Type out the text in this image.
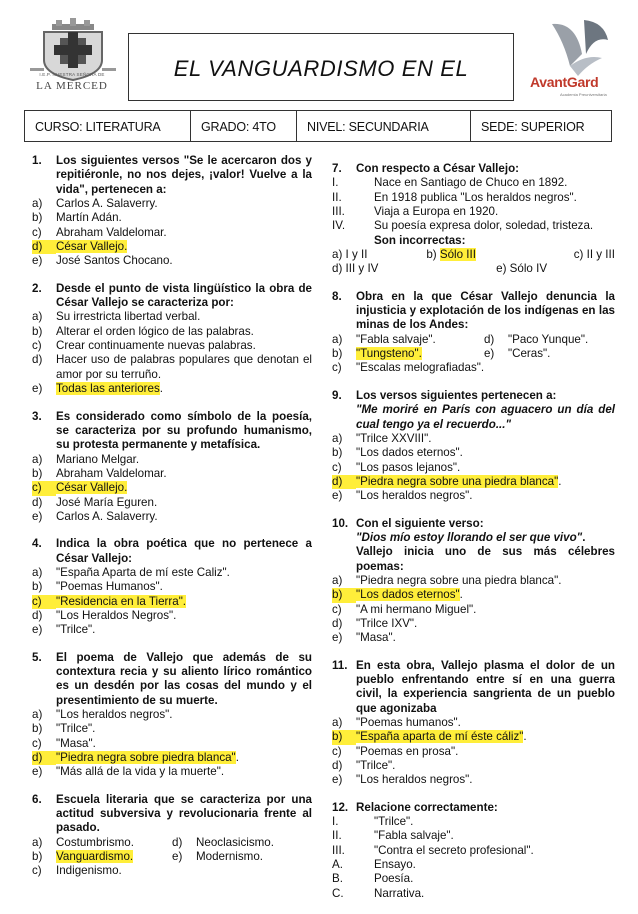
I.E.P. NUESTRA SEÑORA DE
LA MERCED
EL VANGUARDISMO EN EL
AvantGard
Academia Preuniversitaria
CURSO: LITERATURA	GRADO: 4TO	NIVEL: SECUNDARIA	SEDE: SUPERIOR
1.	Los siguientes versos "Se le acercaron dos y repitiéronle, no nos dejes, ¡valor! Vuelve a la vida", pertenecen a:
a)	Carlos A. Salaverry.
b)	Martín Adán.
c)	Abraham Valdelomar.
d)	César Vallejo.
e)	José Santos Chocano.
2.	Desde el punto de vista lingüístico la obra de César Vallejo se caracteriza por:
a)	Su irrestricta libertad verbal.
b)	Alterar el orden lógico de las palabras.
c)	Crear continuamente nuevas palabras.
d)	Hacer uso de palabras populares que denotan el amor por su terruño.
e)	Todas las anteriores.
3.	Es considerado como símbolo de la poesía, se caracteriza por su profundo humanismo, su protesta permanente y metafísica.
a)	Mariano Melgar.
b)	Abraham Valdelomar.
c)	César Vallejo.
d)	José María Eguren.
e)	Carlos A. Salaverry.
4.	Indica la obra poética que no pertenece a César Vallejo:
a)	"España Aparta de mí este Caliz".
b)	"Poemas Humanos".
c)	"Residencia en la Tierra".
d)	"Los Heraldos Negros".
e)	"Trilce".
5.	El poema de Vallejo que además de su contextura recia y su aliento lírico romántico es un desdén por las cosas del mundo y el presentimiento de su muerte.
a)	"Los heraldos negros".
b)	"Trilce".
c)	"Masa".
d)	"Piedra negra sobre piedra blanca".
e)	"Más allá de la vida y la muerte".
6.	Escuela literaria que se caracteriza por una actitud subversiva y revolucionaria frente al pasado.
a)	Costumbrismo.	d)	Neoclasicismo.
b)	Vanguardismo.	e)	Modernismo.
c)	Indigenismo.
7.	Con respecto a César Vallejo:
I.	Nace en Santiago de Chuco en 1892.
II.	En 1918 publica "Los heraldos negros".
III.	Viaja a Europa en 1920.
IV.	Su poesía expresa dolor, soledad, tristeza.
Son incorrectas:
a) I y II	b) Sólo III	c) II y III
d) III y IV	e) Sólo IV
8.	Obra en la que César Vallejo denuncia la injusticia y explotación de los indígenas en las minas de los Andes:
a)	"Fabla salvaje".	d)	"Paco Yunque".
b)	"Tungsteno".	e)	"Ceras".
c)	"Escalas melografiadas".
9.	Los versos siguientes pertenecen a:
"Me moriré en París con aguacero un día del cual tengo ya el recuerdo..."
a)	"Trilce XXVIII".
b)	"Los dados eternos".
c)	"Los pasos lejanos".
d)	"Piedra negra sobre una piedra blanca".
e)	"Los heraldos negros".
10. Con el siguiente verso:
"Dios mío estoy llorando el ser que vivo".
Vallejo inicia uno de sus más célebres poemas:
a)	"Piedra negra sobre una piedra blanca".
b)	"Los dados eternos".
c)	"A mi hermano Miguel".
d)	"Trilce IXV".
e)	"Masa".
11. En esta obra, Vallejo plasma el dolor de un pueblo enfrentando entre sí en una guerra civil, la experiencia sangrienta de un pueblo que agonizaba
a)	"Poemas humanos".
b)	"España aparta de mí éste cáliz".
c)	"Poemas en prosa".
d)	"Trilce".
e)	"Los heraldos negros".
12. Relacione correctamente:
I.	"Trilce".
II.	"Fabla salvaje".
III.	"Contra el secreto profesional".
A.	Ensayo.
B.	Poesía.
C.	Narrativa.
